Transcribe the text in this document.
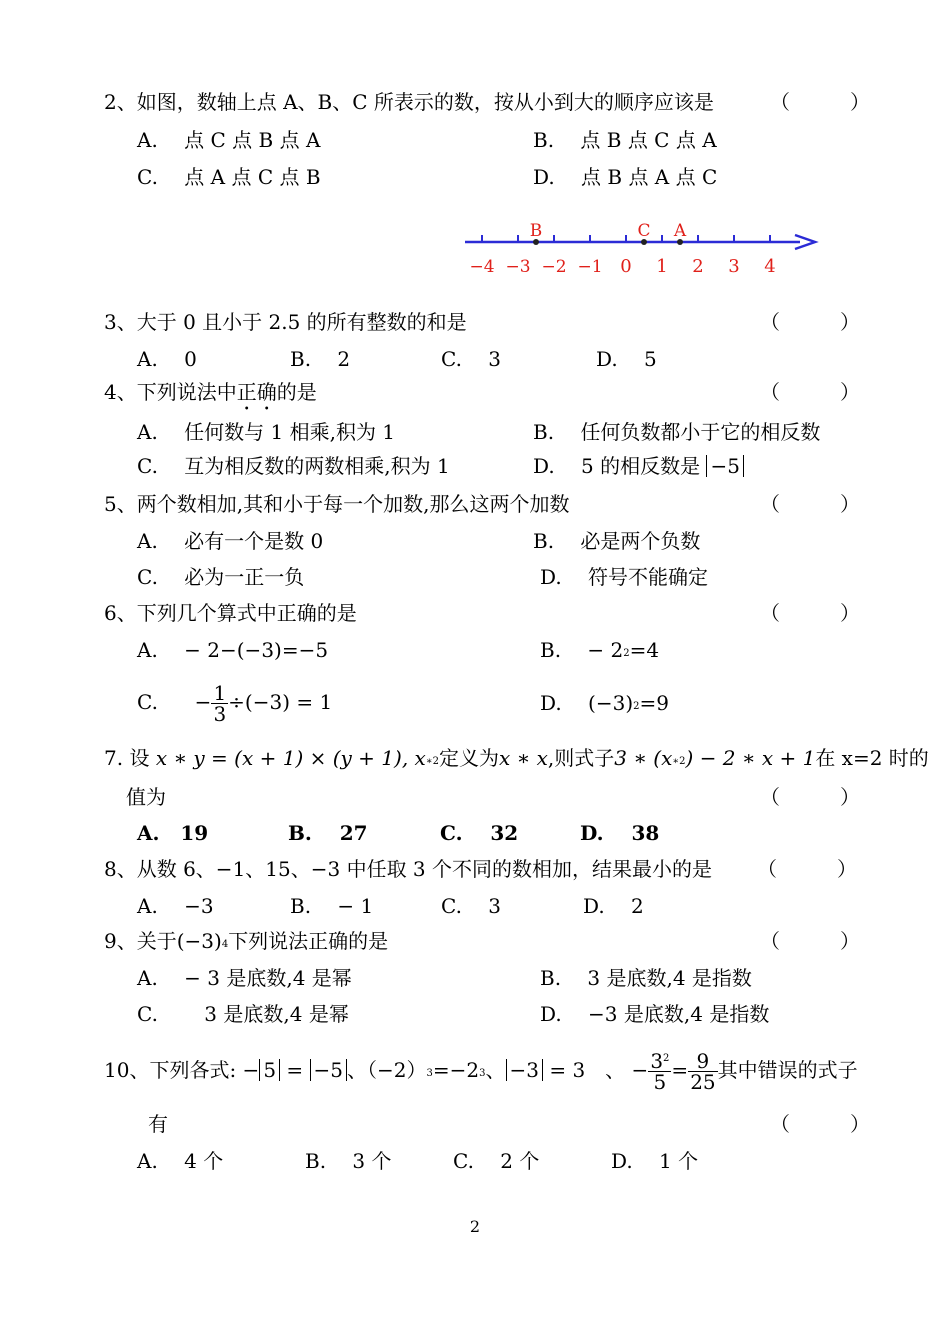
2、如图，数轴上点 A、B、C 所表示的数，按从小到大的顺序应该是	（　　　）
A.　 点 C 点 B 点 A	B.　 点 B 点 C 点 A
C.　 点 A 点 C 点 B	D.　 点 B 点 A 点 C
−4 −3 −2 −1 0 1 2 3 4
B	C A
3、大于 0 且小于 2.5 的所有整数的和是	（　　　）
A.　 0	B.　 2	C.　 3	D.　 5
4、下列说法中正确的是	（　　　）
A.　 任何数与 1 相乘,积为 1	B.　 任何负数都小于它的相反数
C.　 互为相反数的两数相乘,积为 1	D.　 5 的相反数是 −5
5、两个数相加,其和小于每一个加数,那么这两个加数	（　　　）
A.　 必有一个是数 0	B.　 必是两个负数
C.　 必为一正一负	D.　 符号不能确定
6、下列几个算式中正确的是	（　　　）
A.　 − 2−(−3)=−5	B.　 − $2^2=4$
C. − $\frac{1}{3} \div(-3) = 1$	D.　 $(-3)^2=9$
7. 设 x ∗ y = (x + 1) × (y + 1), $x^{∗2}$定义为x ∗ x,则式子3 ∗ $(x^{∗2}) - 2$ ∗ x + 1在 x=2 时的
值为	（　　　）
A. 19	B. 27	C. 32	D. 38
8、从数 6、−1、15、−3 中任取 3 个不同的数相加，结果最小的是 （　　　）
A.　 −3	B.　 − 1	C.　 3	D.　 2
9、关于$(-3)^4$下列说法正确的是	（　　　）
A.　 − 3 是底数,4 是幂	B.　 3 是底数,4 是指数
C.　　 3 是底数,4 是幂	D.　 −3 是底数,4 是指数
10、下列各式: − 5 = −5 、$(-2)^3=-2^3$、 −3 = 3　、 − $\frac{3^2}{5} = \frac{9}{25}$ 其中错误的式子
有	（　　　）
A.　 4 个	B.　 3 个	C.　 2 个	D.　 1 个
2
